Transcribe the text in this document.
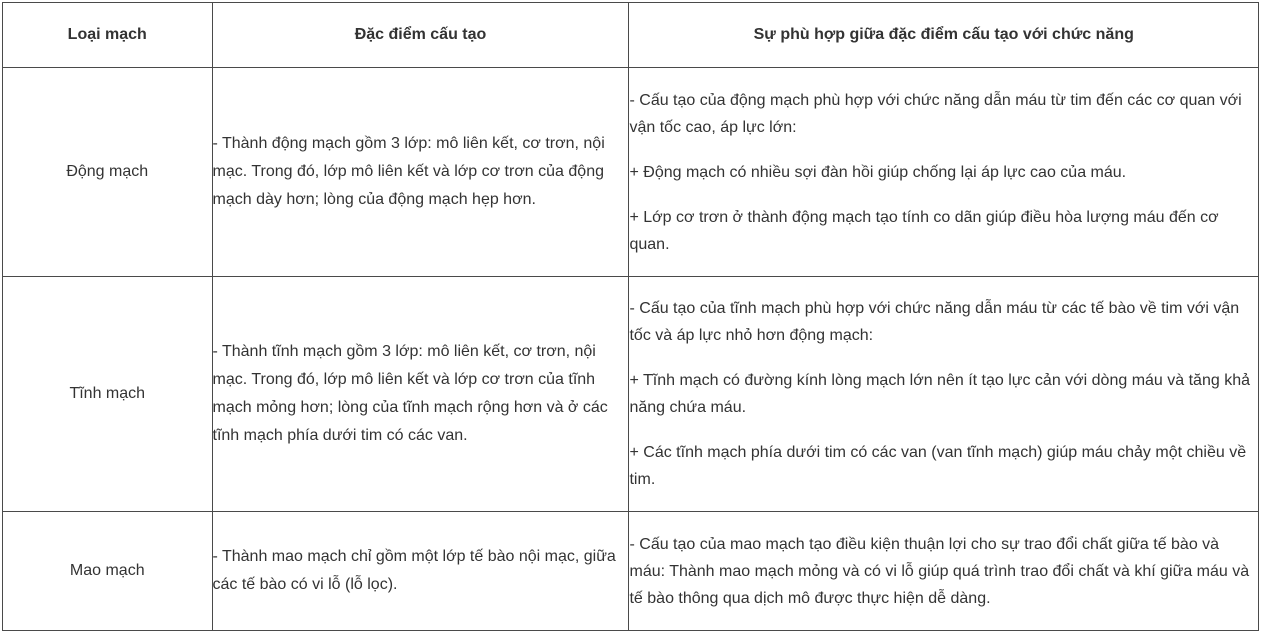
Loại mạch	Đặc điểm cấu tạo	Sự phù hợp giữa đặc điểm cấu tạo với chức năng
Động mạch	- Thành động mạch gồm 3 lớp: mô liên kết, cơ trơn, nội mạc. Trong đó, lớp mô liên kết và lớp cơ trơn của động mạch dày hơn; lòng của động mạch hẹp hơn.	- Cấu tạo của động mạch phù hợp với chức năng dẫn máu từ tim đến các cơ quan với vận tốc cao, áp lực lớn:

+ Động mạch có nhiều sợi đàn hồi giúp chống lại áp lực cao của máu.

+ Lớp cơ trơn ở thành động mạch tạo tính co dãn giúp điều hòa lượng máu đến cơ quan.

Tĩnh mạch	- Thành tĩnh mạch gồm 3 lớp: mô liên kết, cơ trơn, nội mạc. Trong đó, lớp mô liên kết và lớp cơ trơn của tĩnh mạch mỏng hơn; lòng của tĩnh mạch rộng hơn và ở các tĩnh mạch phía dưới tim có các van.	- Cấu tạo của tĩnh mạch phù hợp với chức năng dẫn máu từ các tế bào về tim với vận tốc và áp lực nhỏ hơn động mạch:

+ Tĩnh mạch có đường kính lòng mạch lớn nên ít tạo lực cản với dòng máu và tăng khả năng chứa máu.

+ Các tĩnh mạch phía dưới tim có các van (van tĩnh mạch) giúp máu chảy một chiều về tim.

Mao mạch	- Thành mao mạch chỉ gồm một lớp tế bào nội mạc, giữa các tế bào có vi lỗ (lỗ lọc).	- Cấu tạo của mao mạch tạo điều kiện thuận lợi cho sự trao đổi chất giữa tế bào và máu: Thành mao mạch mỏng và có vi lỗ giúp quá trình trao đổi chất và khí giữa máu và tế bào thông qua dịch mô được thực hiện dễ dàng.
